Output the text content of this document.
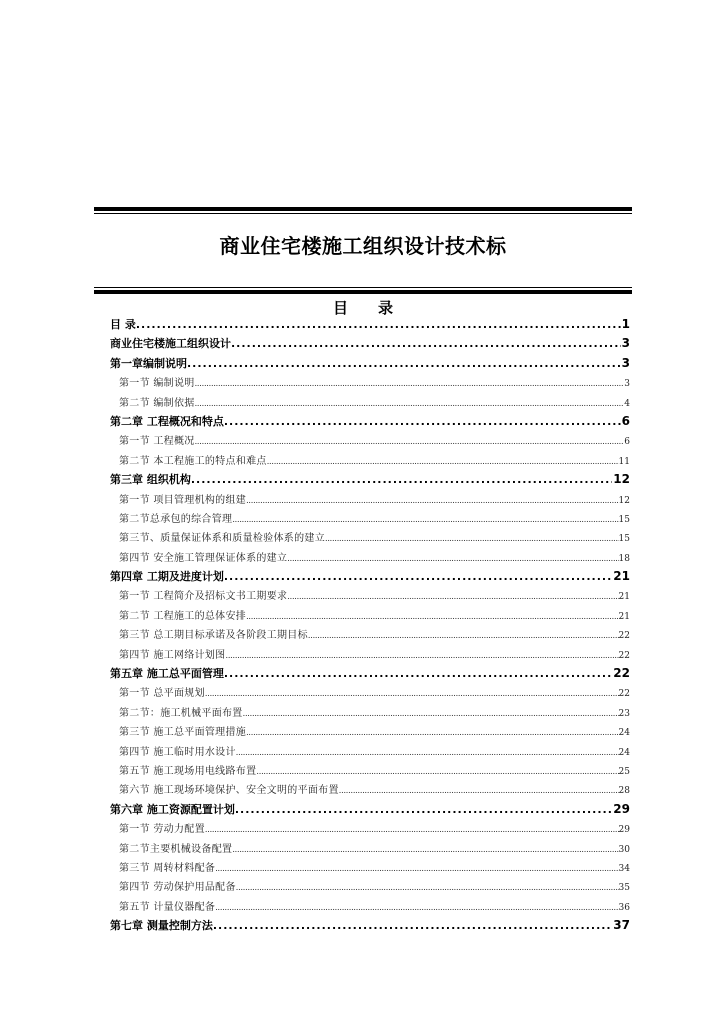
商业住宅楼施工组织设计技术标
目 录
目 录 .....	1
商业住宅楼施工组织设计 .....	3
第一章编制说明 .....	3
第一节 编制说明 .....	3
第二节 编制依据 .....	4
第二章 工程概况和特点 .....	6
第一节 工程概况 .....	6
第二节 本工程施工的特点和难点 .....	11
第三章 组织机构 .....	12
第一节 项目管理机构的组建 .....	12
第二节总承包的综合管理 .....	15
第三节、质量保证体系和质量检验体系的建立 .....	15
第四节 安全施工管理保证体系的建立 .....	18
第四章 工期及进度计划 .....	21
第一节 工程简介及招标文书工期要求 .....	21
第二节 工程施工的总体安排 .....	21
第三节 总工期目标承诺及各阶段工期目标 .....	22
第四节 施工网络计划图 .....	22
第五章 施工总平面管理 .....	22
第一节 总平面规划 .....	22
第二节：施工机械平面布置 .....	23
第三节 施工总平面管理措施 .....	24
第四节 施工临时用水设计 .....	24
第五节 施工现场用电线路布置 .....	25
第六节 施工现场环境保护、安全文明的平面布置 .....	28
第六章 施工资源配置计划 .....	29
第一节 劳动力配置 .....	29
第二节主要机械设备配置 .....	30
第三节 周转材料配备 .....	34
第四节 劳动保护用品配备 .....	35
第五节 计量仪器配备 .....	36
第七章 测量控制方法 .....	37
